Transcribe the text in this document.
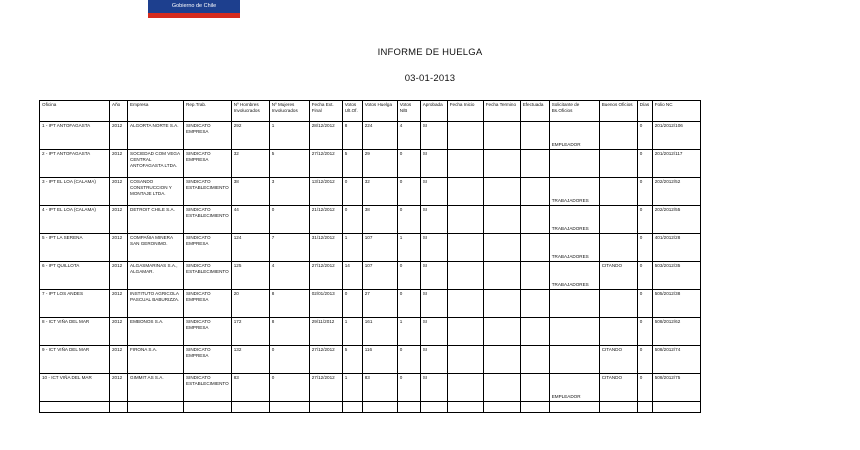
Gobierno de Chile
INFORME DE HUELGA
03-01-2013
Oficina	Año	Empresa	Rep.Trab.	Nº Hombres Involucrados	Nº Mujeres Involucrados	Fecha Ext. Final	Votos Ult.Of.	Votos Huelga	Votos N/B	Aprobada	Fecha Inicio	Fecha Termino	Efectuada	Solicitante de Bs.Oficios	Buenos Oficios	Días	Folio NC
1 - IPT ANTOFAGASTA	2012	ALGORTA NORTE S.A.	SINDICATO EMPRESA	292	1	28/12/2012	8	224	4	SI				EMPLEADOR		0	201/2012/106
2 - IPT ANTOFAGASTA	2012	SOCIEDAD COM VEGA CENTRAL ANTOFAGASTA LTDA.	SINDICATO EMPRESA	32	5	27/12/2012	5	29	0	SI						0	201/2012/117
3 - IPT EL LOA (CALAMA)	2012	COSANDO CONSTRUCCION Y MONTAJE LTDA.	SINDICATO ESTABLECIMIENTO	38	3	13/12/2012	0	32	0	SI				TRABAJADORES		0	202/2012/52
4 - IPT EL LOA (CALAMA)	2012	DETROIT CHILE S.A.	SINDICATO ESTABLECIMIENTO	44	0	21/12/2012	0	38	0	SI				TRABAJADORES		0	202/2012/55
5 - IPT LA SERENA	2012	COMPAÑIA MINERA SAN GERONIMO.	SINDICATO EMPRESA	124	7	31/12/2012	1	107	1	SI				TRABAJADORES		0	401/2012/28
6 - IPT QUILLOTA	2012	ALGASMARINAS S.A., ALGAMAR.	SINDICATO ESTABLECIMIENTO	125	4	27/12/2012	14	107	0	SI				TRABAJADORES	CITANDO	0	503/2012/35
7 - IPT LOS ANDES	2012	INSTITUTO AGRICOLA PASCUAL BABURIZZA.	SINDICATO EMPRESA	20	8	02/01/2013	0	27	0	SI						0	505/2012/38
8 - ICT VIÑA DEL MAR	2012	EMBONOS S.A.	SINDICATO EMPRESA	172	8	29/11/2012	1	161	1	SI						0	508/2012/62
9 - ICT VIÑA DEL MAR	2012	FIRONA S.A.	SINDICATO EMPRESA	132	0	27/12/2012	5	116	0	SI					CITANDO	0	508/2012/74
10 - ICT VIÑA DEL MAR	2012	GIMMIT AS S.A.	SINDICATO ESTABLECIMIENTO	83	0	27/12/2012	1	83	0	SI				EMPLEADOR	CITANDO	0	508/2012/75
